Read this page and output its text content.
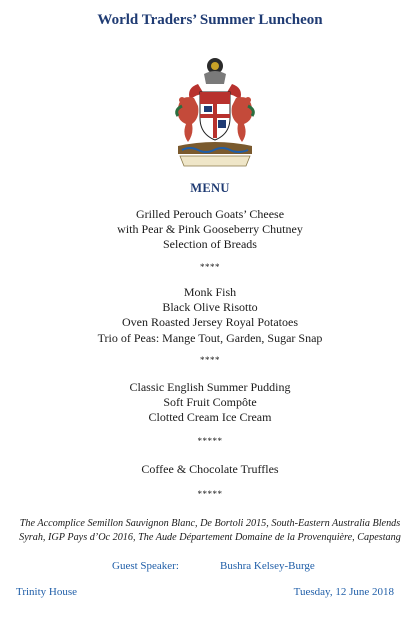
World Traders’ Summer Luncheon
MENU
Grilled Perouch Goats’ Cheese
with Pear & Pink Gooseberry Chutney
Selection of Breads
****
Monk Fish
Black Olive Risotto
Oven Roasted Jersey Royal Potatoes
Trio of Peas: Mange Tout, Garden, Sugar Snap
****
Classic English Summer Pudding
Soft Fruit Compôte
Clotted Cream Ice Cream
*****
Coffee & Chocolate Truffles
*****
The Accomplice Semillon Sauvignon Blanc, De Bortoli 2015, South-Eastern Australia Blends
Syrah, IGP Pays d’Oc 2016, The Aude Département Domaine de la Provenquière, Capestang
Guest Speaker:	Bushra Kelsey-Burge
Trinity House	Tuesday, 12 June 2018
